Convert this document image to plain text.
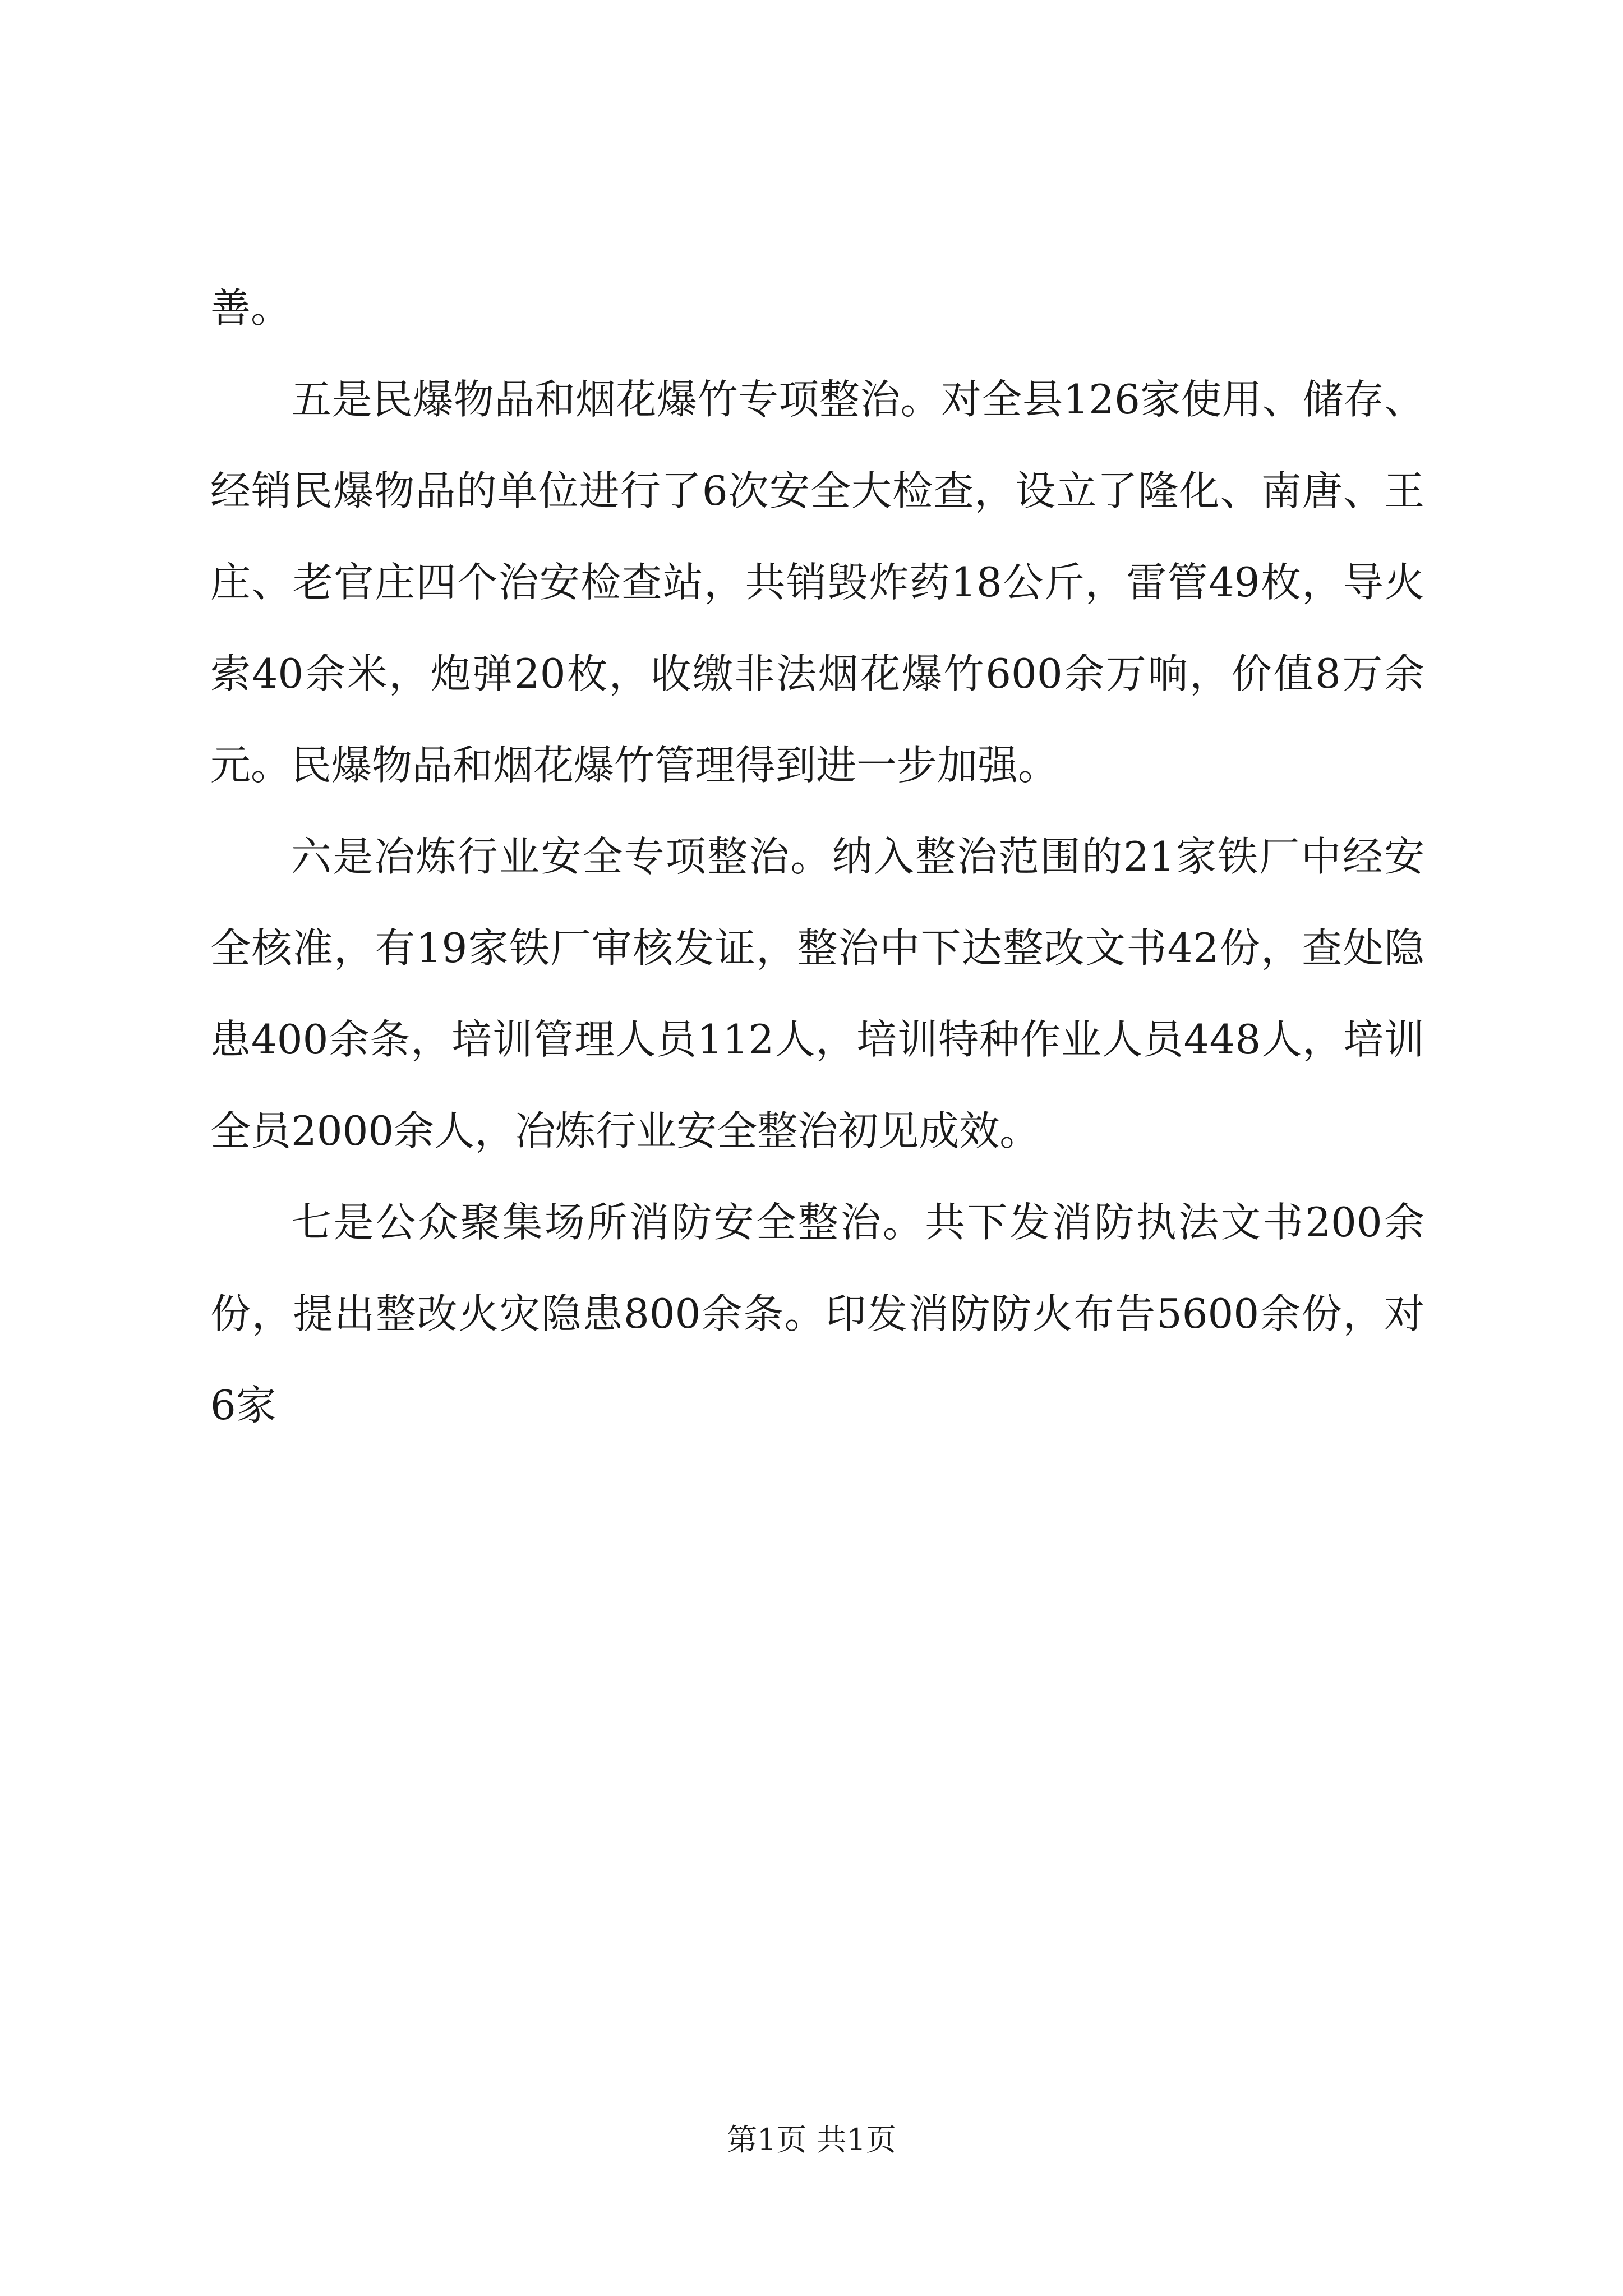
善。

五是民爆物品和烟花爆竹专项整治。对全县126家使用、储存、经销民爆物品的单位进行了6次安全大检查，设立了隆化、南唐、王庄、老官庄四个治安检查站，共销毁炸药18公斤，雷管49枚，导火索40余米，炮弹20枚，收缴非法烟花爆竹600余万响，价值8万余元。民爆物品和烟花爆竹管理得到进一步加强。

六是冶炼行业安全专项整治。纳入整治范围的21家铁厂中经安全核准，有19家铁厂审核发证，整治中下达整改文书42份，查处隐患400余条，培训管理人员112人，培训特种作业人员448人，培训全员2000余人，冶炼行业安全整治初见成效。

七是公众聚集场所消防安全整治。共下发消防执法文书200余份，提出整改火灾隐患800余条。印发消防防火布告5600余份，对6家

第1页 共1页
